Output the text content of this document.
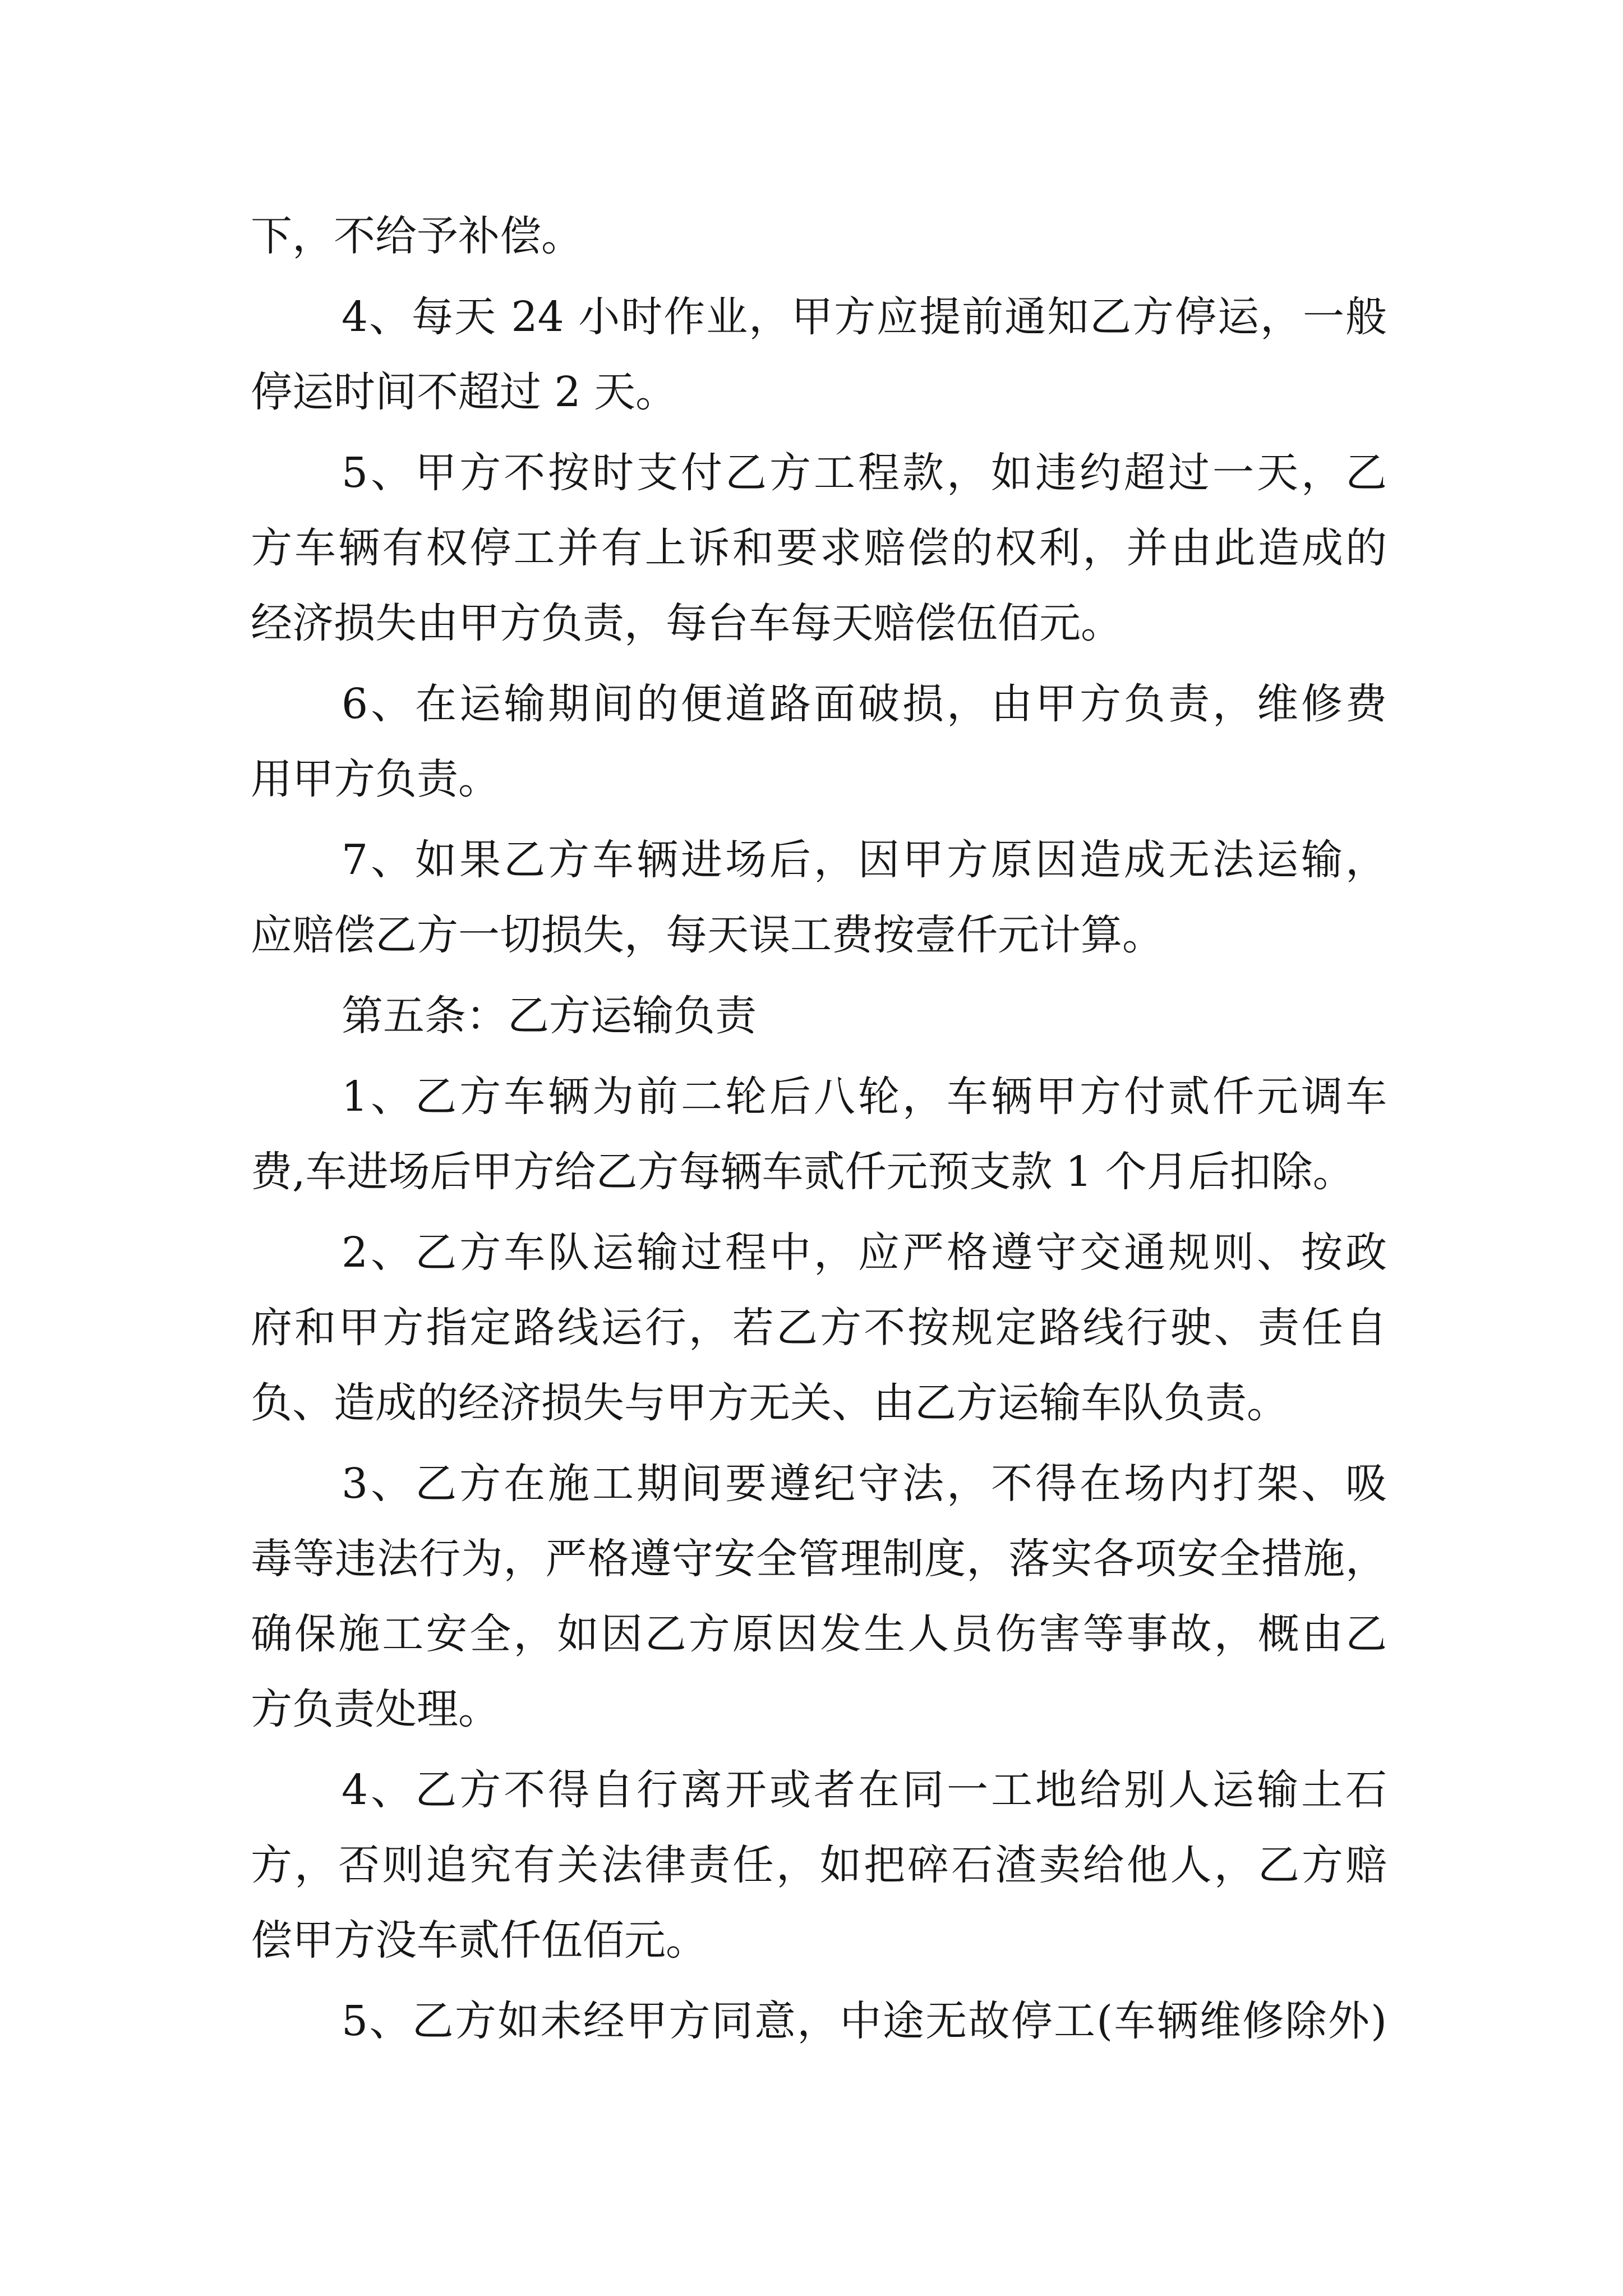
下，不给予补偿。
4、每天 24 小时作业，甲方应提前通知乙方停运，一般
停运时间不超过 2 天。
5、甲方不按时支付乙方工程款，如违约超过一天，乙
方车辆有权停工并有上诉和要求赔偿的权利，并由此造成的
经济损失由甲方负责，每台车每天赔偿伍佰元。
6、在运输期间的便道路面破损，由甲方负责，维修费
用甲方负责。
7、如果乙方车辆进场后，因甲方原因造成无法运输，
应赔偿乙方一切损失，每天误工费按壹仟元计算。
第五条：乙方运输负责
1、乙方车辆为前二轮后八轮，车辆甲方付贰仟元调车
费,车进场后甲方给乙方每辆车贰仟元预支款 1 个月后扣除。
2、乙方车队运输过程中，应严格遵守交通规则、按政
府和甲方指定路线运行，若乙方不按规定路线行驶、责任自
负、造成的经济损失与甲方无关、由乙方运输车队负责。
3、乙方在施工期间要遵纪守法，不得在场内打架、吸
毒等违法行为，严格遵守安全管理制度，落实各项安全措施，
确保施工安全，如因乙方原因发生人员伤害等事故，概由乙
方负责处理。
4、乙方不得自行离开或者在同一工地给别人运输土石
方，否则追究有关法律责任，如把碎石渣卖给他人，乙方赔
偿甲方没车贰仟伍佰元。
5、乙方如未经甲方同意，中途无故停工(车辆维修除外)
